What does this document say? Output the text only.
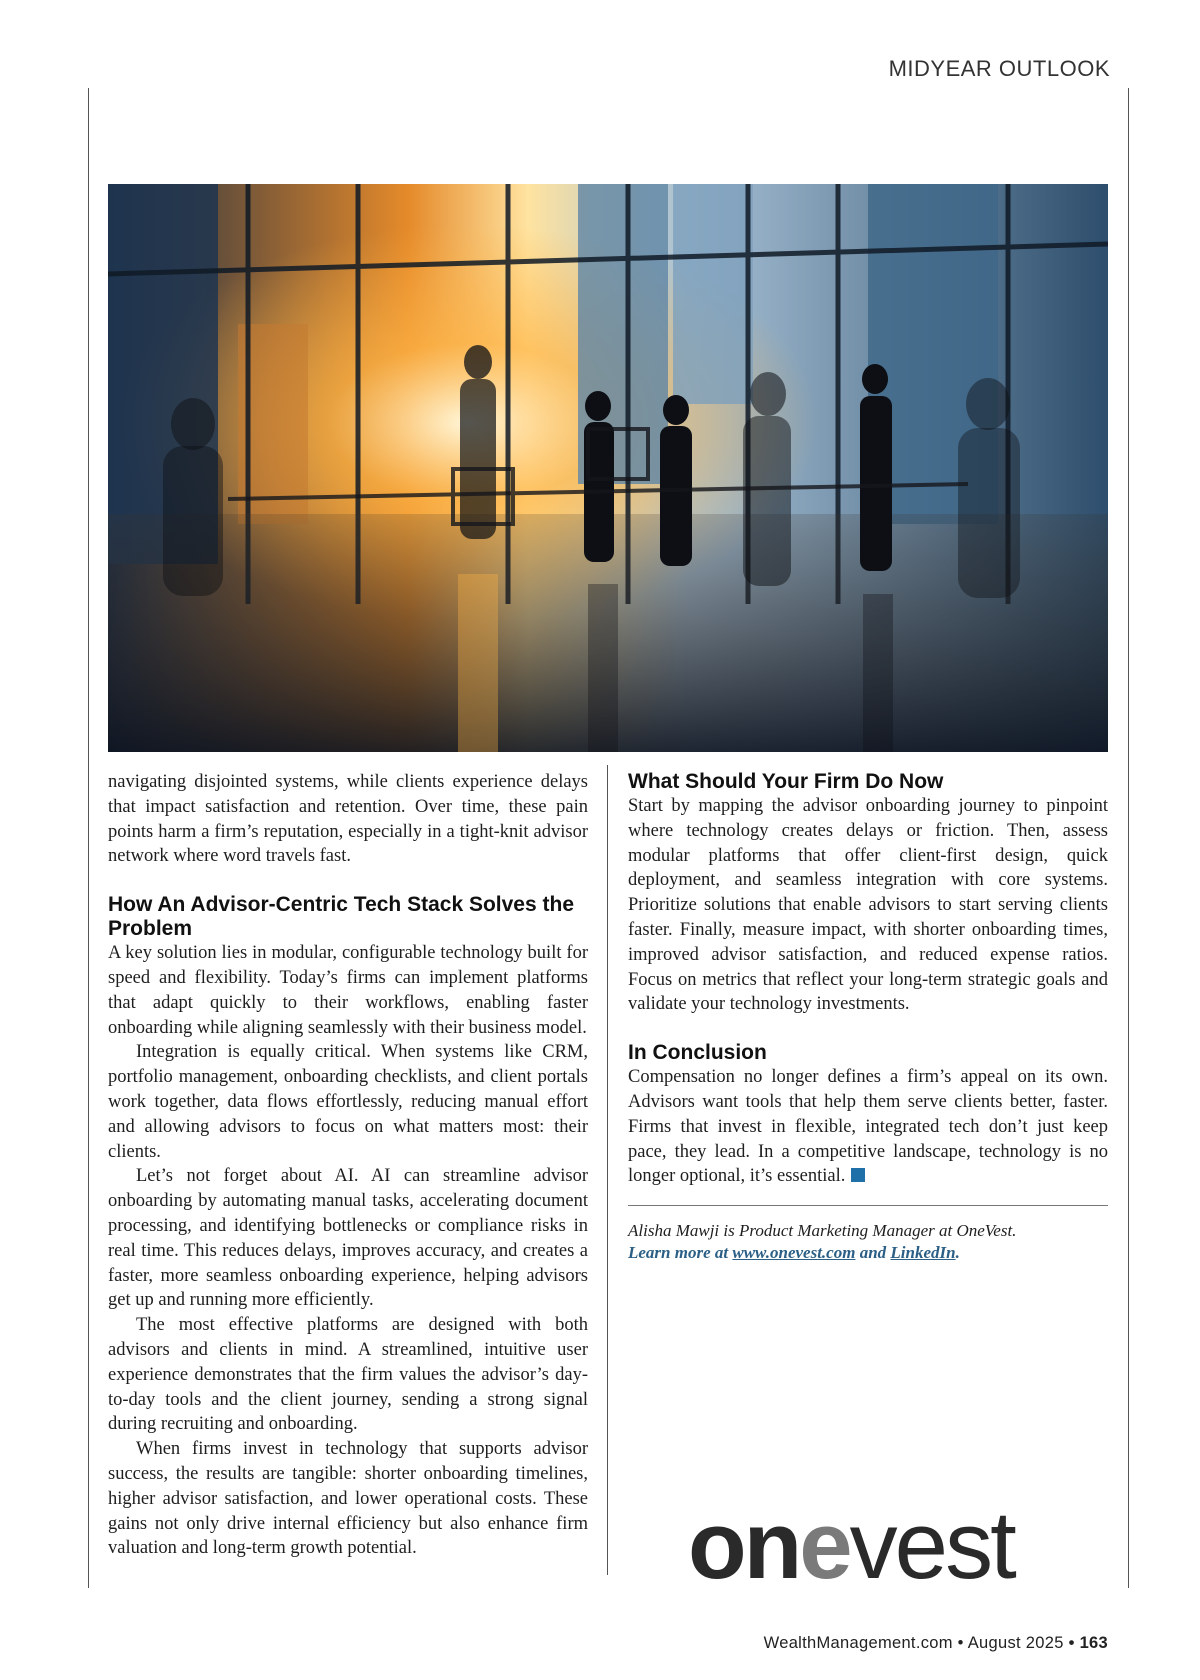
MIDYEAR OUTLOOK

navigating disjointed systems, while clients experience delays that impact satisfaction and retention. Over time, these pain points harm a firm’s reputation, especially in a tight-knit advisor network where word travels fast.

How An Advisor-Centric Tech Stack Solves the Problem

A key solution lies in modular, configurable technology built for speed and flexibility. Today’s firms can implement platforms that adapt quickly to their workflows, enabling faster onboarding while aligning seamlessly with their business model.

Integration is equally critical. When systems like CRM, portfolio management, onboarding checklists, and client portals work together, data flows effortlessly, reducing manual effort and allowing advisors to focus on what matters most: their clients.

Let’s not forget about AI. AI can streamline advisor onboarding by automating manual tasks, accelerating document processing, and identifying bottlenecks or compliance risks in real time. This reduces delays, improves accuracy, and creates a faster, more seamless onboarding experience, helping advisors get up and running more efficiently.

The most effective platforms are designed with both advisors and clients in mind. A streamlined, intuitive user experience demonstrates that the firm values the advisor’s day-to-day tools and the client journey, sending a strong signal during recruiting and onboarding.

When firms invest in technology that supports advisor success, the results are tangible: shorter onboarding timelines, higher advisor satisfaction, and lower operational costs. These gains not only drive internal efficiency but also enhance firm valuation and long-term growth potential.

What Should Your Firm Do Now

Start by mapping the advisor onboarding journey to pinpoint where technology creates delays or friction. Then, assess modular platforms that offer client-first design, quick deployment, and seamless integration with core systems. Prioritize solutions that enable advisors to start serving clients faster. Finally, measure impact, with shorter onboarding times, improved advisor satisfaction, and reduced expense ratios. Focus on metrics that reflect your long-term strategic goals and validate your technology investments.

In Conclusion

Compensation no longer defines a firm’s appeal on its own. Advisors want tools that help them serve clients better, faster. Firms that invest in flexible, integrated tech don’t just keep pace, they lead. In a competitive landscape, technology is no longer optional, it’s essential.

Alisha Mawji is Product Marketing Manager at OneVest.

Learn more at www.onevest.com and LinkedIn.

onevest
WealthManagement.com • August 2025 • 163
